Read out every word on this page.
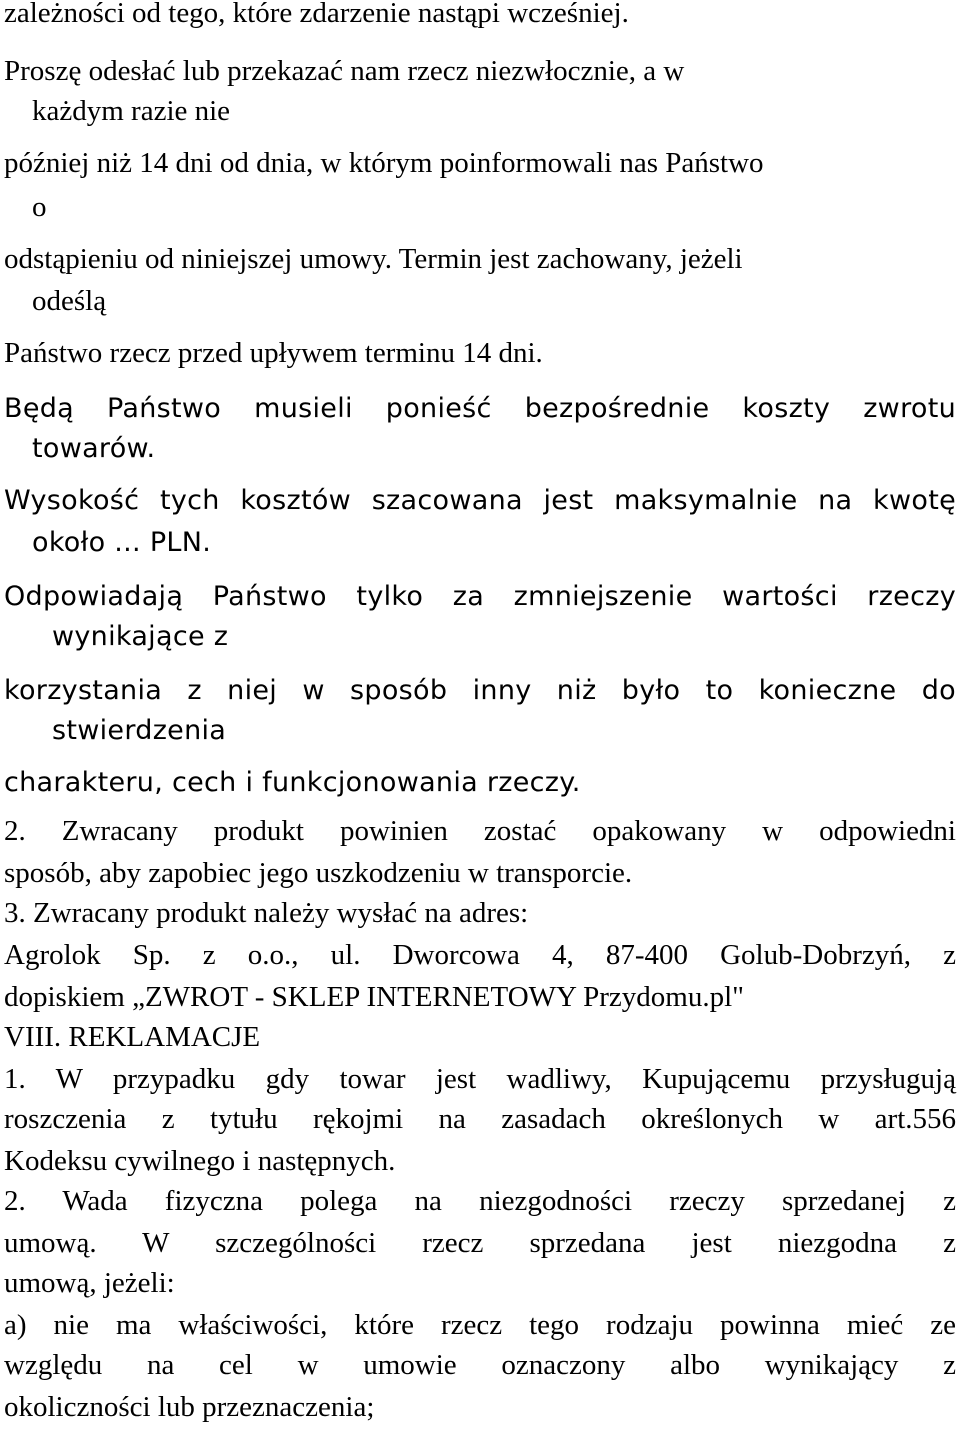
zależności od tego, które zdarzenie nastąpi wcześniej.

Proszę odesłać lub przekazać nam rzecz niezwłocznie, a w

każdym razie nie

później niż 14 dni od dnia, w którym poinformowali nas Państwo

o

odstąpieniu od niniejszej umowy. Termin jest zachowany, jeżeli

odeślą

Państwo rzecz przed upływem terminu 14 dni.

Będą Państwo musieli ponieść bezpośrednie koszty zwrotu

towarów.

Wysokość tych kosztów szacowana jest maksymalnie na kwotę

około ... PLN.

Odpowiadają Państwo tylko za zmniejszenie wartości rzeczy

wynikające z

korzystania z niej w sposób inny niż było to konieczne do

stwierdzenia

charakteru, cech i funkcjonowania rzeczy.

2. Zwracany produkt powinien zostać opakowany w odpowiedni

sposób, aby zapobiec jego uszkodzeniu w transporcie.

3. Zwracany produkt należy wysłać na adres:

Agrolok Sp. z o.o., ul. Dworcowa 4, 87-400 Golub-Dobrzyń, z

dopiskiem „ZWROT - SKLEP INTERNETOWY Przydomu.pl"

VIII. REKLAMACJE

1. W przypadku gdy towar jest wadliwy, Kupującemu przysługują

roszczenia z tytułu rękojmi na zasadach określonych w art.556

Kodeksu cywilnego i następnych.

2. Wada fizyczna polega na niezgodności rzeczy sprzedanej z

umową. W szczególności rzecz sprzedana jest niezgodna z

umową, jeżeli:

a) nie ma właściwości, które rzecz tego rodzaju powinna mieć ze

względu na cel w umowie oznaczony albo wynikający z

okoliczności lub przeznaczenia;
